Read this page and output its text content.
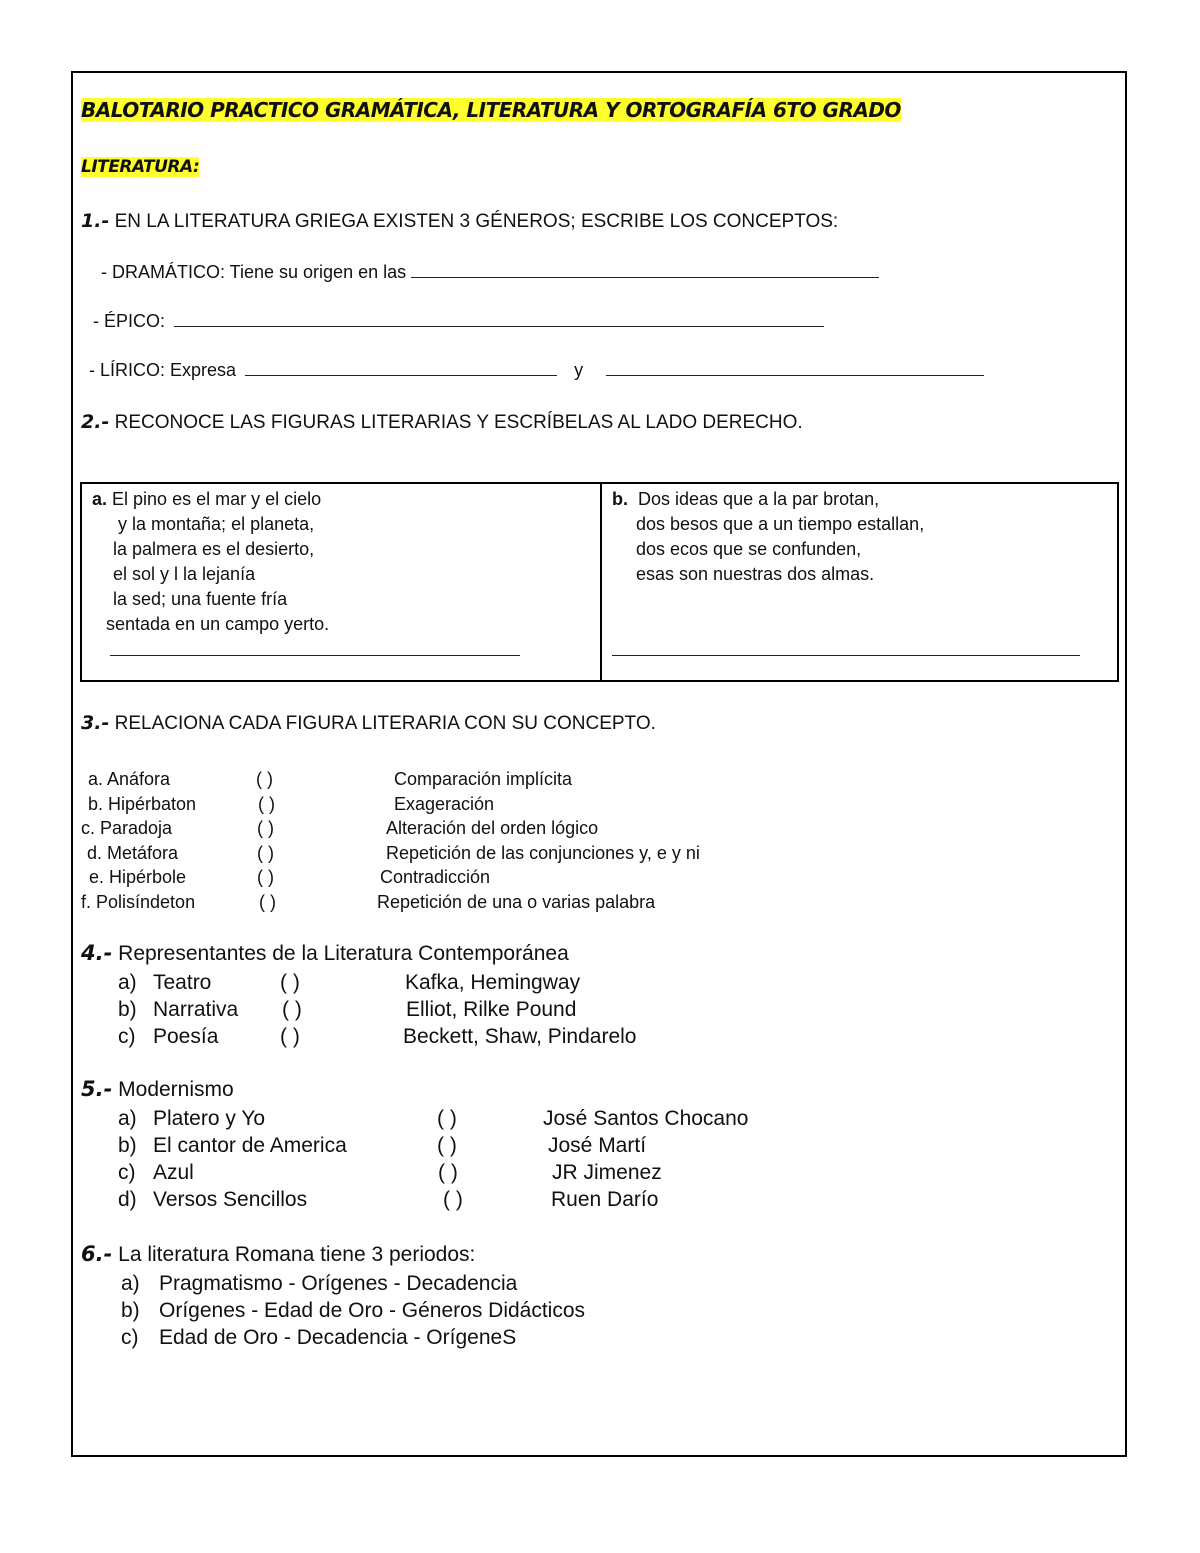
BALOTARIO PRACTICO GRAMÁTICA, LITERATURA Y ORTOGRAFÍA 6TO GRADO
LITERATURA:
1.- EN LA LITERATURA GRIEGA EXISTEN 3 GÉNEROS; ESCRIBE LOS CONCEPTOS:
- DRAMÁTICO: Tiene su origen en las
- ÉPICO:
- LÍRICO: Expresa	y
2.- RECONOCE LAS FIGURAS LITERARIAS Y ESCRÍBELAS AL LADO DERECHO.
a. El pino es el mar y el cielo
y la montaña; el planeta,
la palmera es el desierto,
el sol y l la lejanía
la sed; una fuente fría
sentada en un campo yerto.
b. Dos ideas que a la par brotan,
dos besos que a un tiempo estallan,
dos ecos que se confunden,
esas son nuestras dos almas.
3.- RELACIONA CADA FIGURA LITERARIA CON SU CONCEPTO.
a. Anáfora	( )	Comparación implícita
b. Hipérbaton	( )	Exageración
c. Paradoja	( )	Alteración del orden lógico
d. Metáfora	( )	Repetición de las conjunciones y, e y ni
e. Hipérbole	( )	Contradicción
f. Polisíndeton	( )	Repetición de una o varias palabra
4.- Representantes de la Literatura Contemporánea
a) Teatro	( )	Kafka, Hemingway
b) Narrativa ( )	Elliot, Rilke Pound
c) Poesía	( )	Beckett, Shaw, Pindarelo
5.- Modernismo
a) Platero y Yo	( )	José Santos Chocano
b) El cantor de America	( )	José Martí
c) Azul	( )	JR Jimenez
d) Versos Sencillos	( )	Ruen Darío
6.- La literatura Romana tiene 3 periodos:
a) Pragmatismo - Orígenes - Decadencia
b) Orígenes - Edad de Oro - Géneros Didácticos
c) Edad de Oro - Decadencia - OrígeneS
